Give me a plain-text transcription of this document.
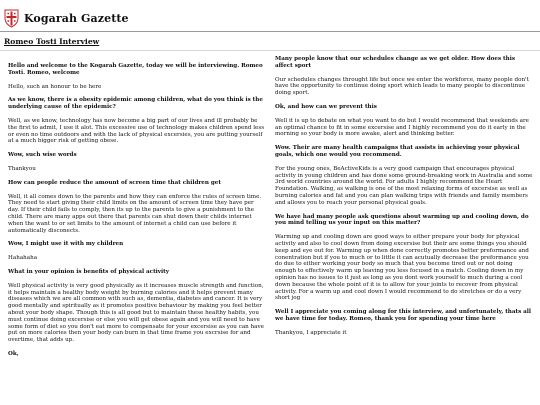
Kogarah Gazette
Romeo Tosti Interview

Hello and welcome to the Kogarah Gazette, today we will be interviewing. Romeo Tosti. Romeo, welcome

Hello, such an honour to be here

As we know, there is a obesity epidemic among children, what do you think is the underlying cause of the epidemic?

Well, as we know, technology has now become a big part of our lives and ill probably be the first to admit, I use it alot. This excessive use of technology makes children spend less or even no time outdoors and with the lack of physical excersies, you are putting yourself at a much bigger risk of getting obese.

Wow, such wise words

Thankyou

How can people reduce the amount of screen time that children get

Well, it all comes down to the parents and how they can enforce the rules of screen time. They need to start giving their child limits on the amount of screen time they have per day. If their child fails to comply, then its up to the parents to give a punishment to the child. There are many apps out there that parents can shut down their childs internet when the want to or set limits to the amount of internet a child can use before it automatically disconects.

Wow, I might use it with my children

Hahahaha

What in your opinion is benefits of physical activity

Well physical activity is very good physically as it increases muscle strength and function, it helps maintain a healthy body weight by burning calories and it helps prevent many diseases which we are all common with such as, dementia, diabetes and cancer. It is very good mentally and spiritually as it promotes positive behaviour by making you feel better about your body shape. Though this is all good but to maintain these healthy habits, you must continue doing excersise or else you will get obese again and you will need to have some form of diet so you don't eat more to compensate for your excersise as you can have put on more calories then your body can burn in that time frame you excrsise for and overtime, that adds up.

Ok,

Many people know that our schedules change as we get older. How does this affect sport

Our schedules changes throught life but once we enter the workforce, many people don't have the opportunity to continue doing sport which leads to many people to discontinue doing sport.

Ok, and how can we prevent this

Well it is up to debate on what you want to do but I would recommend that weekends are an optimal chance to fit in some excersise and I highly recommend you do it early in the morning so your body is more awake, alert and thinking better.

Wow. Their are many health campaigns that assists in achieving your physical goals, which one would you recommend.

For the young ones, BeActiveKids is a very good campaign that encourages physical activity in young children and has done some ground-breaking work in Australia and some 3rd world countries around the world. For adults I highly recommend the Heart Foundation. Walking, as walking is one of the most relaxing forms of excersise as well as burning calories and fat and you can plan walking trips with friends and family members and allows you to reach your personal physical goals.

We have had many people ask questions about warming up and cooling down, do you mind telling us your input on this matter?

Warming up and cooling down are good ways to either prepare your body for physical activity and also to cool down from doing excersise but their are some things you should keep and eye out for. Warming up when done correctly promotes better preformance and conentration but if you to much or to little it can acutually decrease the preformance you do due to either working your body so much that you become tired out or not doing enough to effectively warm up leaving you less focused in a match. Cooling down in my opinion has no issues to it just as long as you dont work yourself to much during a cool down because the whole point of it is to allow for your joints to recover from physical activity. For a warm up and cool down I would recommend to do stretches or do a very short jog

Well I appreciate you coming along for this interview, and unfortunately, thats all we have time for today. Romeo, thank you for spending your time here

Thankyou, I appreciate it
